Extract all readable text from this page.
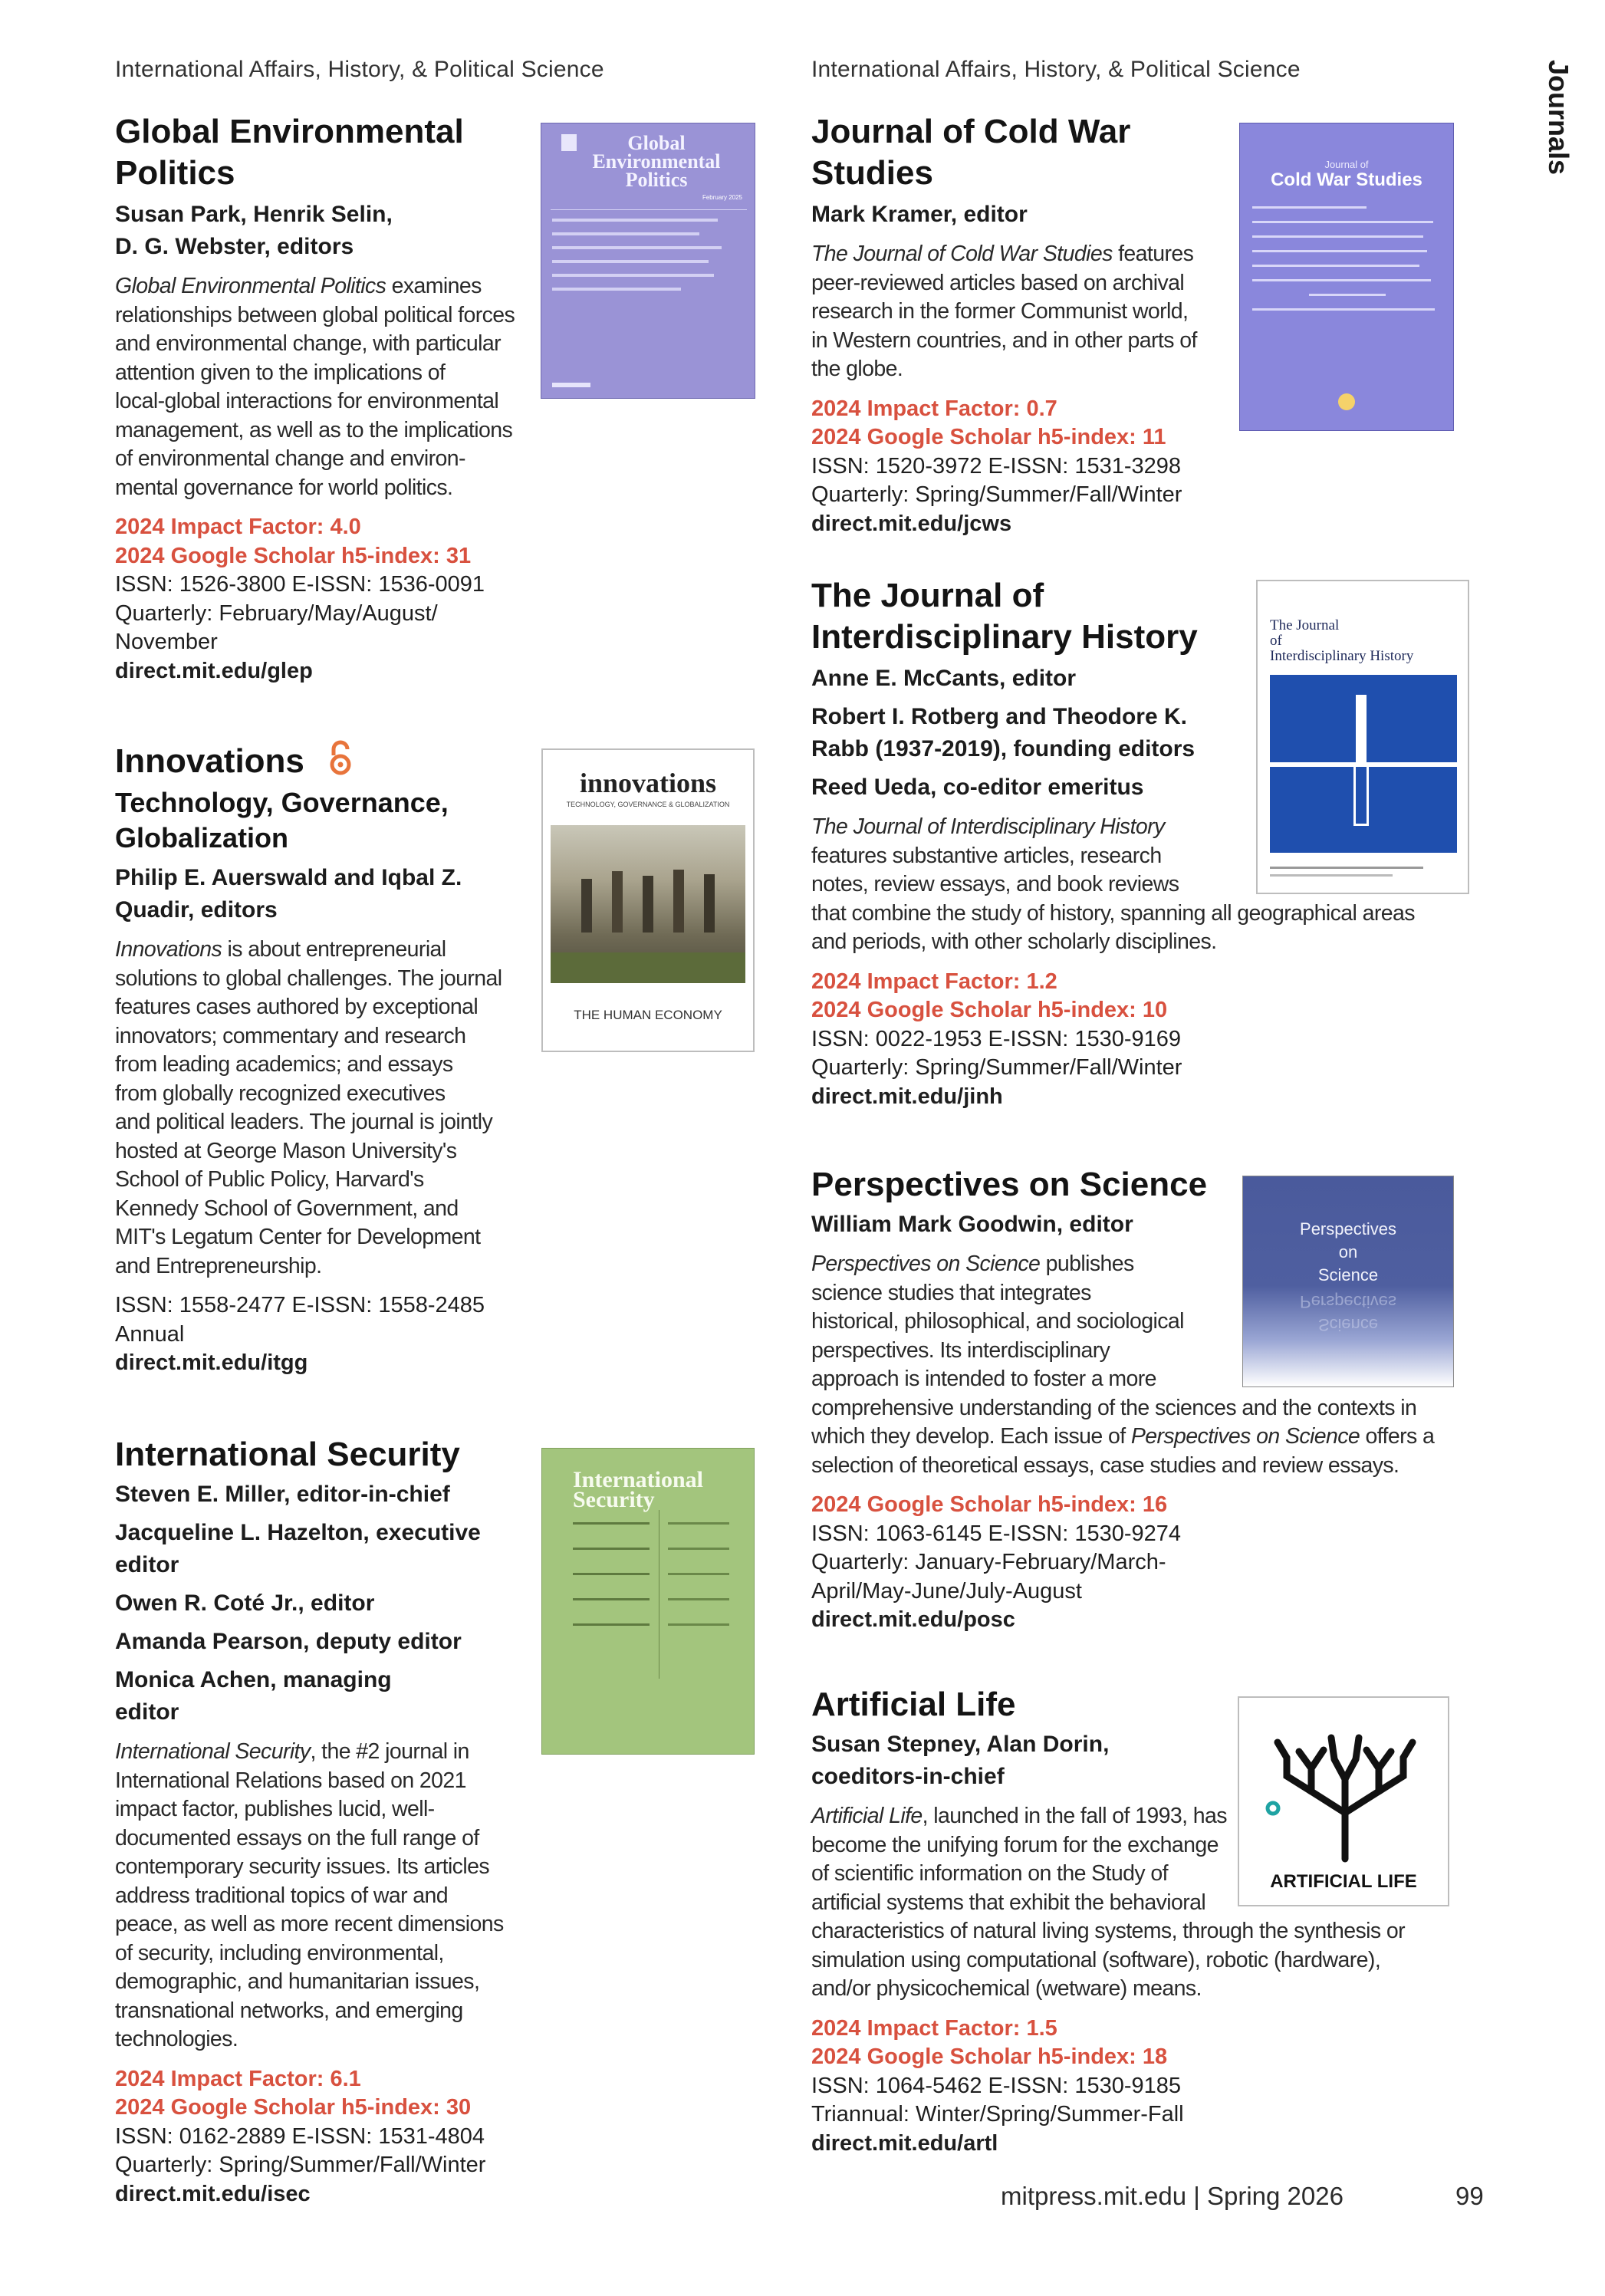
Journals
International Affairs, History, & Political Science
Global Environmental
Politics
Susan Park, Henrik Selin,
D. G. Webster, editors
Global Environmental Politics examines
relationships between global political forces
and environmental change, with particular
attention given to the implications of
local-global interactions for environmental
management, as well as to the implications
of environmental change and environ-
mental governance for world politics.
2024 Impact Factor: 4.0
2024 Google Scholar h5-index: 31
ISSN: 1526-3800 E-ISSN: 1536-0091
Quarterly: February/May/August/
November
direct.mit.edu/glep
Global
Environmental
Politics
February 2025
Innovations
Technology, Governance,
Globalization
Philip E. Auerswald and Iqbal Z.
Quadir, editors
Innovations is about entrepreneurial
solutions to global challenges. The journal
features cases authored by exceptional
innovators; commentary and research
from leading academics; and essays
from globally recognized executives
and political leaders. The journal is jointly
hosted at George Mason University's
School of Public Policy, Harvard's
Kennedy School of Government, and
MIT's Legatum Center for Development
and Entrepreneurship.
ISSN: 1558-2477 E-ISSN: 1558-2485
Annual
direct.mit.edu/itgg
innovations
TECHNOLOGY, GOVERNANCE & GLOBALIZATION
THE HUMAN ECONOMY
International Security
Steven E. Miller, editor-in-chief

Jacqueline L. Hazelton, executive
editor

Owen R. Coté Jr., editor

Amanda Pearson, deputy editor

Monica Achen, managing
editor
International Security, the #2 journal in
International Relations based on 2021
impact factor, publishes lucid, well-
documented essays on the full range of
contemporary security issues. Its articles
address traditional topics of war and
peace, as well as more recent dimensions
of security, including environmental,
demographic, and humanitarian issues,
transnational networks, and emerging
technologies.
2024 Impact Factor: 6.1
2024 Google Scholar h5-index: 30
ISSN: 0162-2889 E-ISSN: 1531-4804
Quarterly: Spring/Summer/Fall/Winter
direct.mit.edu/isec
International
Security
International Affairs, History, & Political Science
Journal of Cold War
Studies
Mark Kramer, editor
The Journal of Cold War Studies features
peer-reviewed articles based on archival
research in the former Communist world,
in Western countries, and in other parts of
the globe.
2024 Impact Factor: 0.7
2024 Google Scholar h5-index: 11
ISSN: 1520-3972 E-ISSN: 1531-3298
Quarterly: Spring/Summer/Fall/Winter
direct.mit.edu/jcws
Journal of
Cold War Studies
The Journal of
Interdisciplinary History
Anne E. McCants, editor

Robert I. Rotberg and Theodore K.
Rabb (1937-2019), founding editors

Reed Ueda, co-editor emeritus
The Journal of Interdisciplinary History
features substantive articles, research
notes, review essays, and book reviews
that combine the study of history, spanning all geographical areas
and periods, with other scholarly disciplines.
2024 Impact Factor: 1.2
2024 Google Scholar h5-index: 10
ISSN: 0022-1953 E-ISSN: 1530-9169
Quarterly: Spring/Summer/Fall/Winter
direct.mit.edu/jinh
The Journal
of
Interdisciplinary History
Perspectives on Science
William Mark Goodwin, editor
Perspectives on Science publishes
science studies that integrates
historical, philosophical, and sociological
perspectives. Its interdisciplinary
approach is intended to foster a more
comprehensive understanding of the sciences and the contexts in
which they develop. Each issue of Perspectives on Science offers a
selection of theoretical essays, case studies and review essays.
2024 Google Scholar h5-index: 16
ISSN: 1063-6145 E-ISSN: 1530-9274
Quarterly: January-February/March-
April/May-June/July-August
direct.mit.edu/posc
Perspectives
on
Science
Science
Perspectives
Artificial Life
Susan Stepney, Alan Dorin,
coeditors-in-chief
Artificial Life, launched in the fall of 1993, has
become the unifying forum for the exchange
of scientific information on the Study of
artificial systems that exhibit the behavioral
characteristics of natural living systems, through the synthesis or
simulation using computational (software), robotic (hardware),
and/or physicochemical (wetware) means.
2024 Impact Factor: 1.5
2024 Google Scholar h5-index: 18
ISSN: 1064-5462 E-ISSN: 1530-9185
Triannual: Winter/Spring/Summer-Fall
direct.mit.edu/artl
ARTIFICIAL LIFE
mitpress.mit.edu | Spring 2026	99
